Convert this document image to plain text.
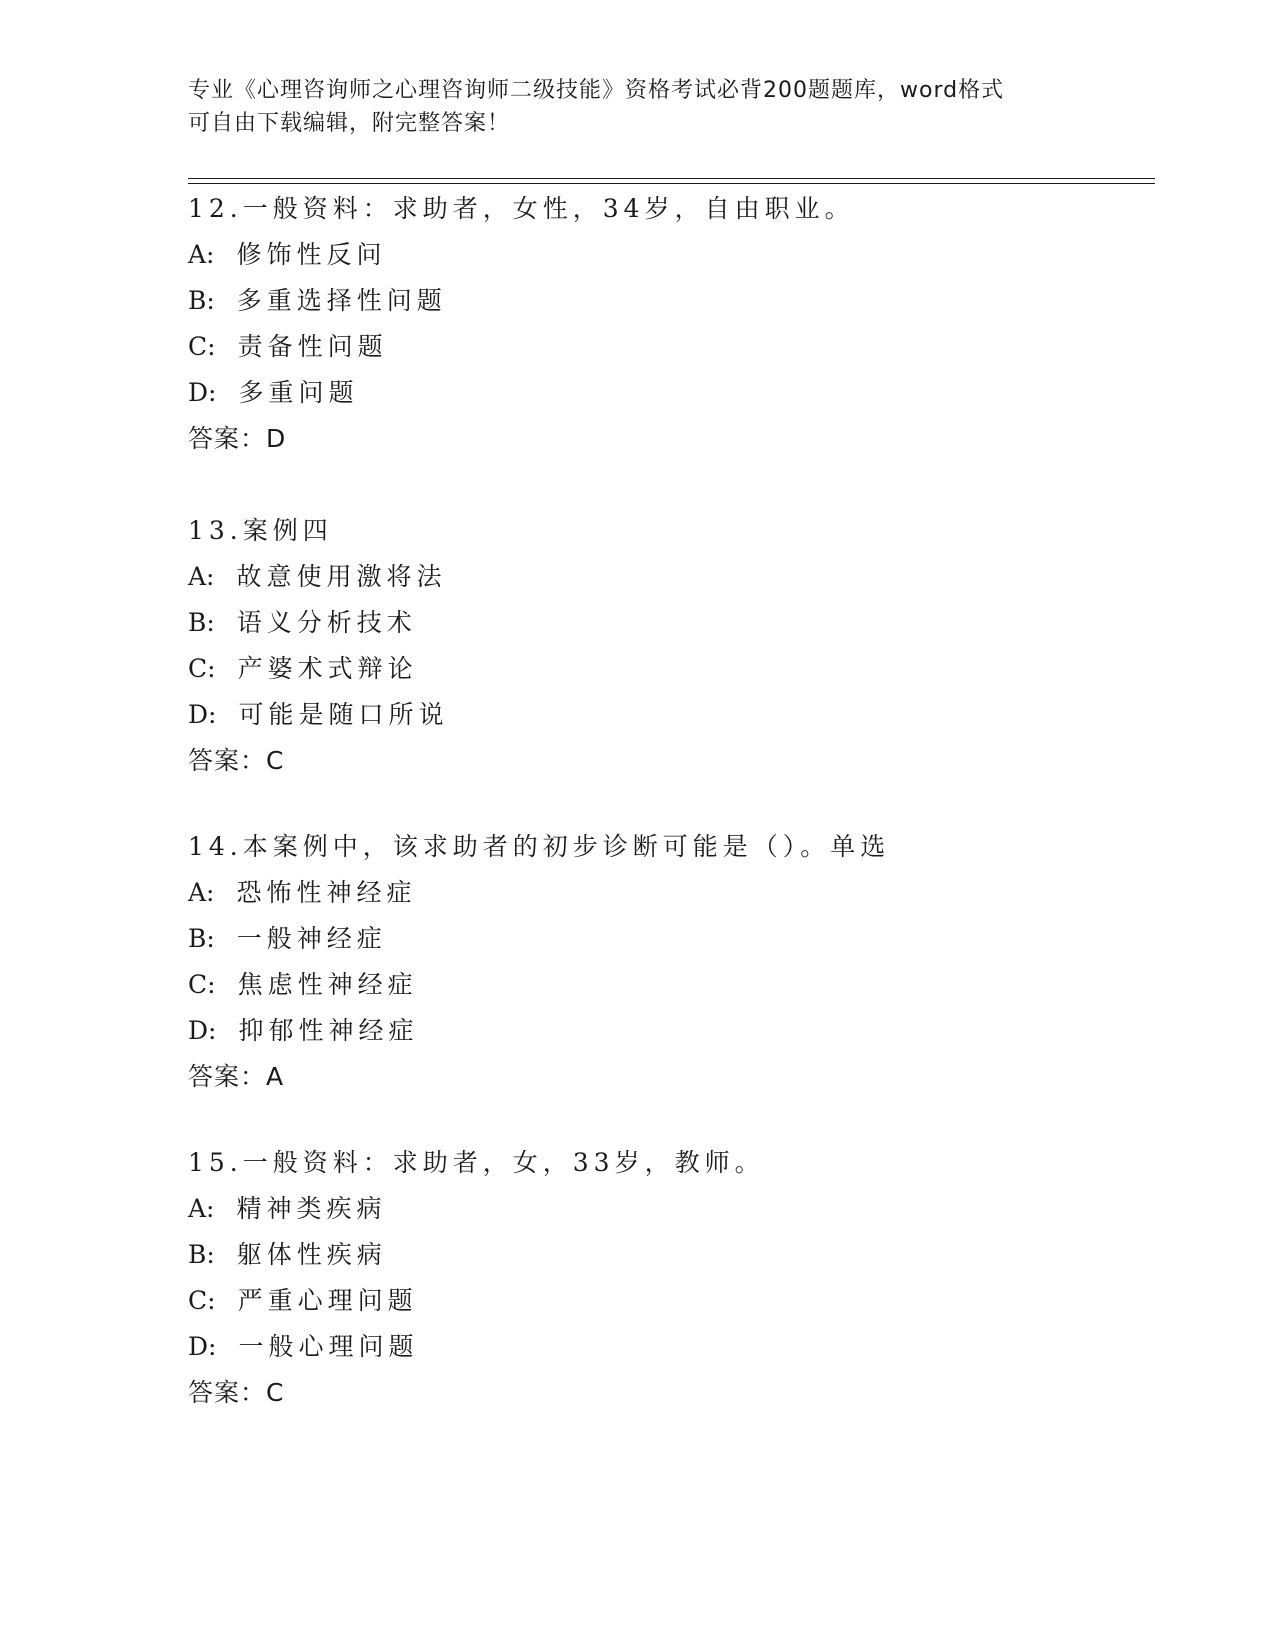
专业《心理咨询师之心理咨询师二级技能》资格考试必背200题题库，word格式
可自由下载编辑，附完整答案！
12.一般资料：求助者，女性，34岁，自由职业。
A: 修饰性反问
B: 多重选择性问题
C: 责备性问题
D: 多重问题
答案：D
13.案例四
A: 故意使用激将法
B: 语义分析技术
C: 产婆术式辩论
D: 可能是随口所说
答案：C
14.本案例中，该求助者的初步诊断可能是（）。单选
A: 恐怖性神经症
B: 一般神经症
C: 焦虑性神经症
D: 抑郁性神经症
答案：A
15.一般资料：求助者，女，33岁，教师。
A: 精神类疾病
B: 躯体性疾病
C: 严重心理问题
D: 一般心理问题
答案：C
